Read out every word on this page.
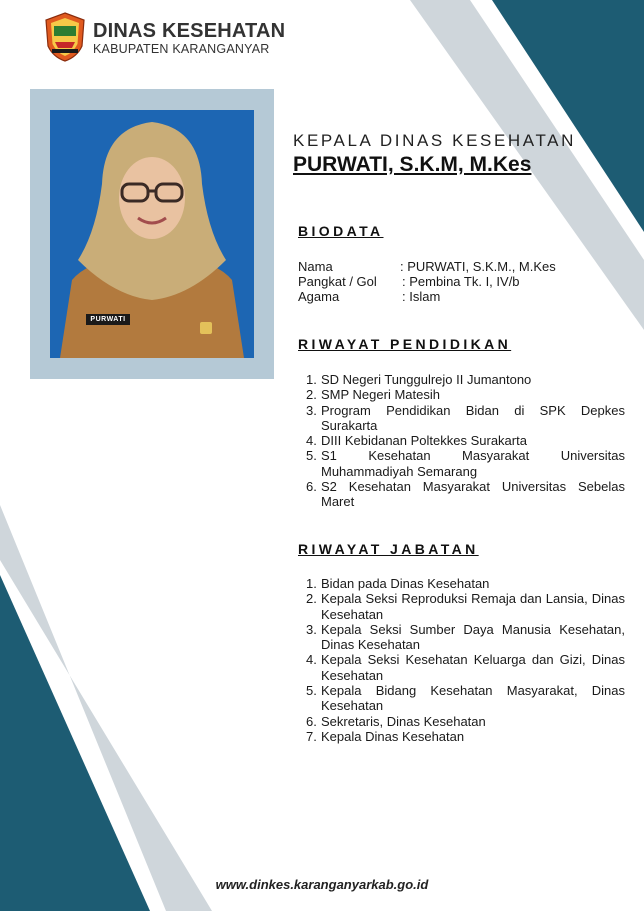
DINAS KESEHATAN
KABUPATEN KARANGANYAR
PURWATI
KEPALA DINAS KESEHATAN
PURWATI, S.K.M, M.Kes
BIODATA
Nama	: PURWATI, S.K.M., M.Kes
Pangkat / Gol : Pembina Tk. I, IV/b
Agama	: Islam
RIWAYAT PENDIDIKAN
1. SD Negeri Tunggulrejo II Jumantono
2. SMP Negeri Matesih
3. Program Pendidikan Bidan di SPK Depkes Surakarta
4. DIII Kebidanan Poltekkes Surakarta
5. S1 Kesehatan Masyarakat Universitas Muhammadiyah Semarang
6. S2 Kesehatan Masyarakat Universitas Sebelas Maret
RIWAYAT JABATAN
1. Bidan pada Dinas Kesehatan
2. Kepala Seksi Reproduksi Remaja dan Lansia, Dinas Kesehatan
3. Kepala Seksi Sumber Daya Manusia Kesehatan, Dinas Kesehatan
4. Kepala Seksi Kesehatan Keluarga dan Gizi, Dinas Kesehatan
5. Kepala Bidang Kesehatan Masyarakat, Dinas Kesehatan
6. Sekretaris, Dinas Kesehatan
7. Kepala Dinas Kesehatan
www.dinkes.karanganyarkab.go.id
